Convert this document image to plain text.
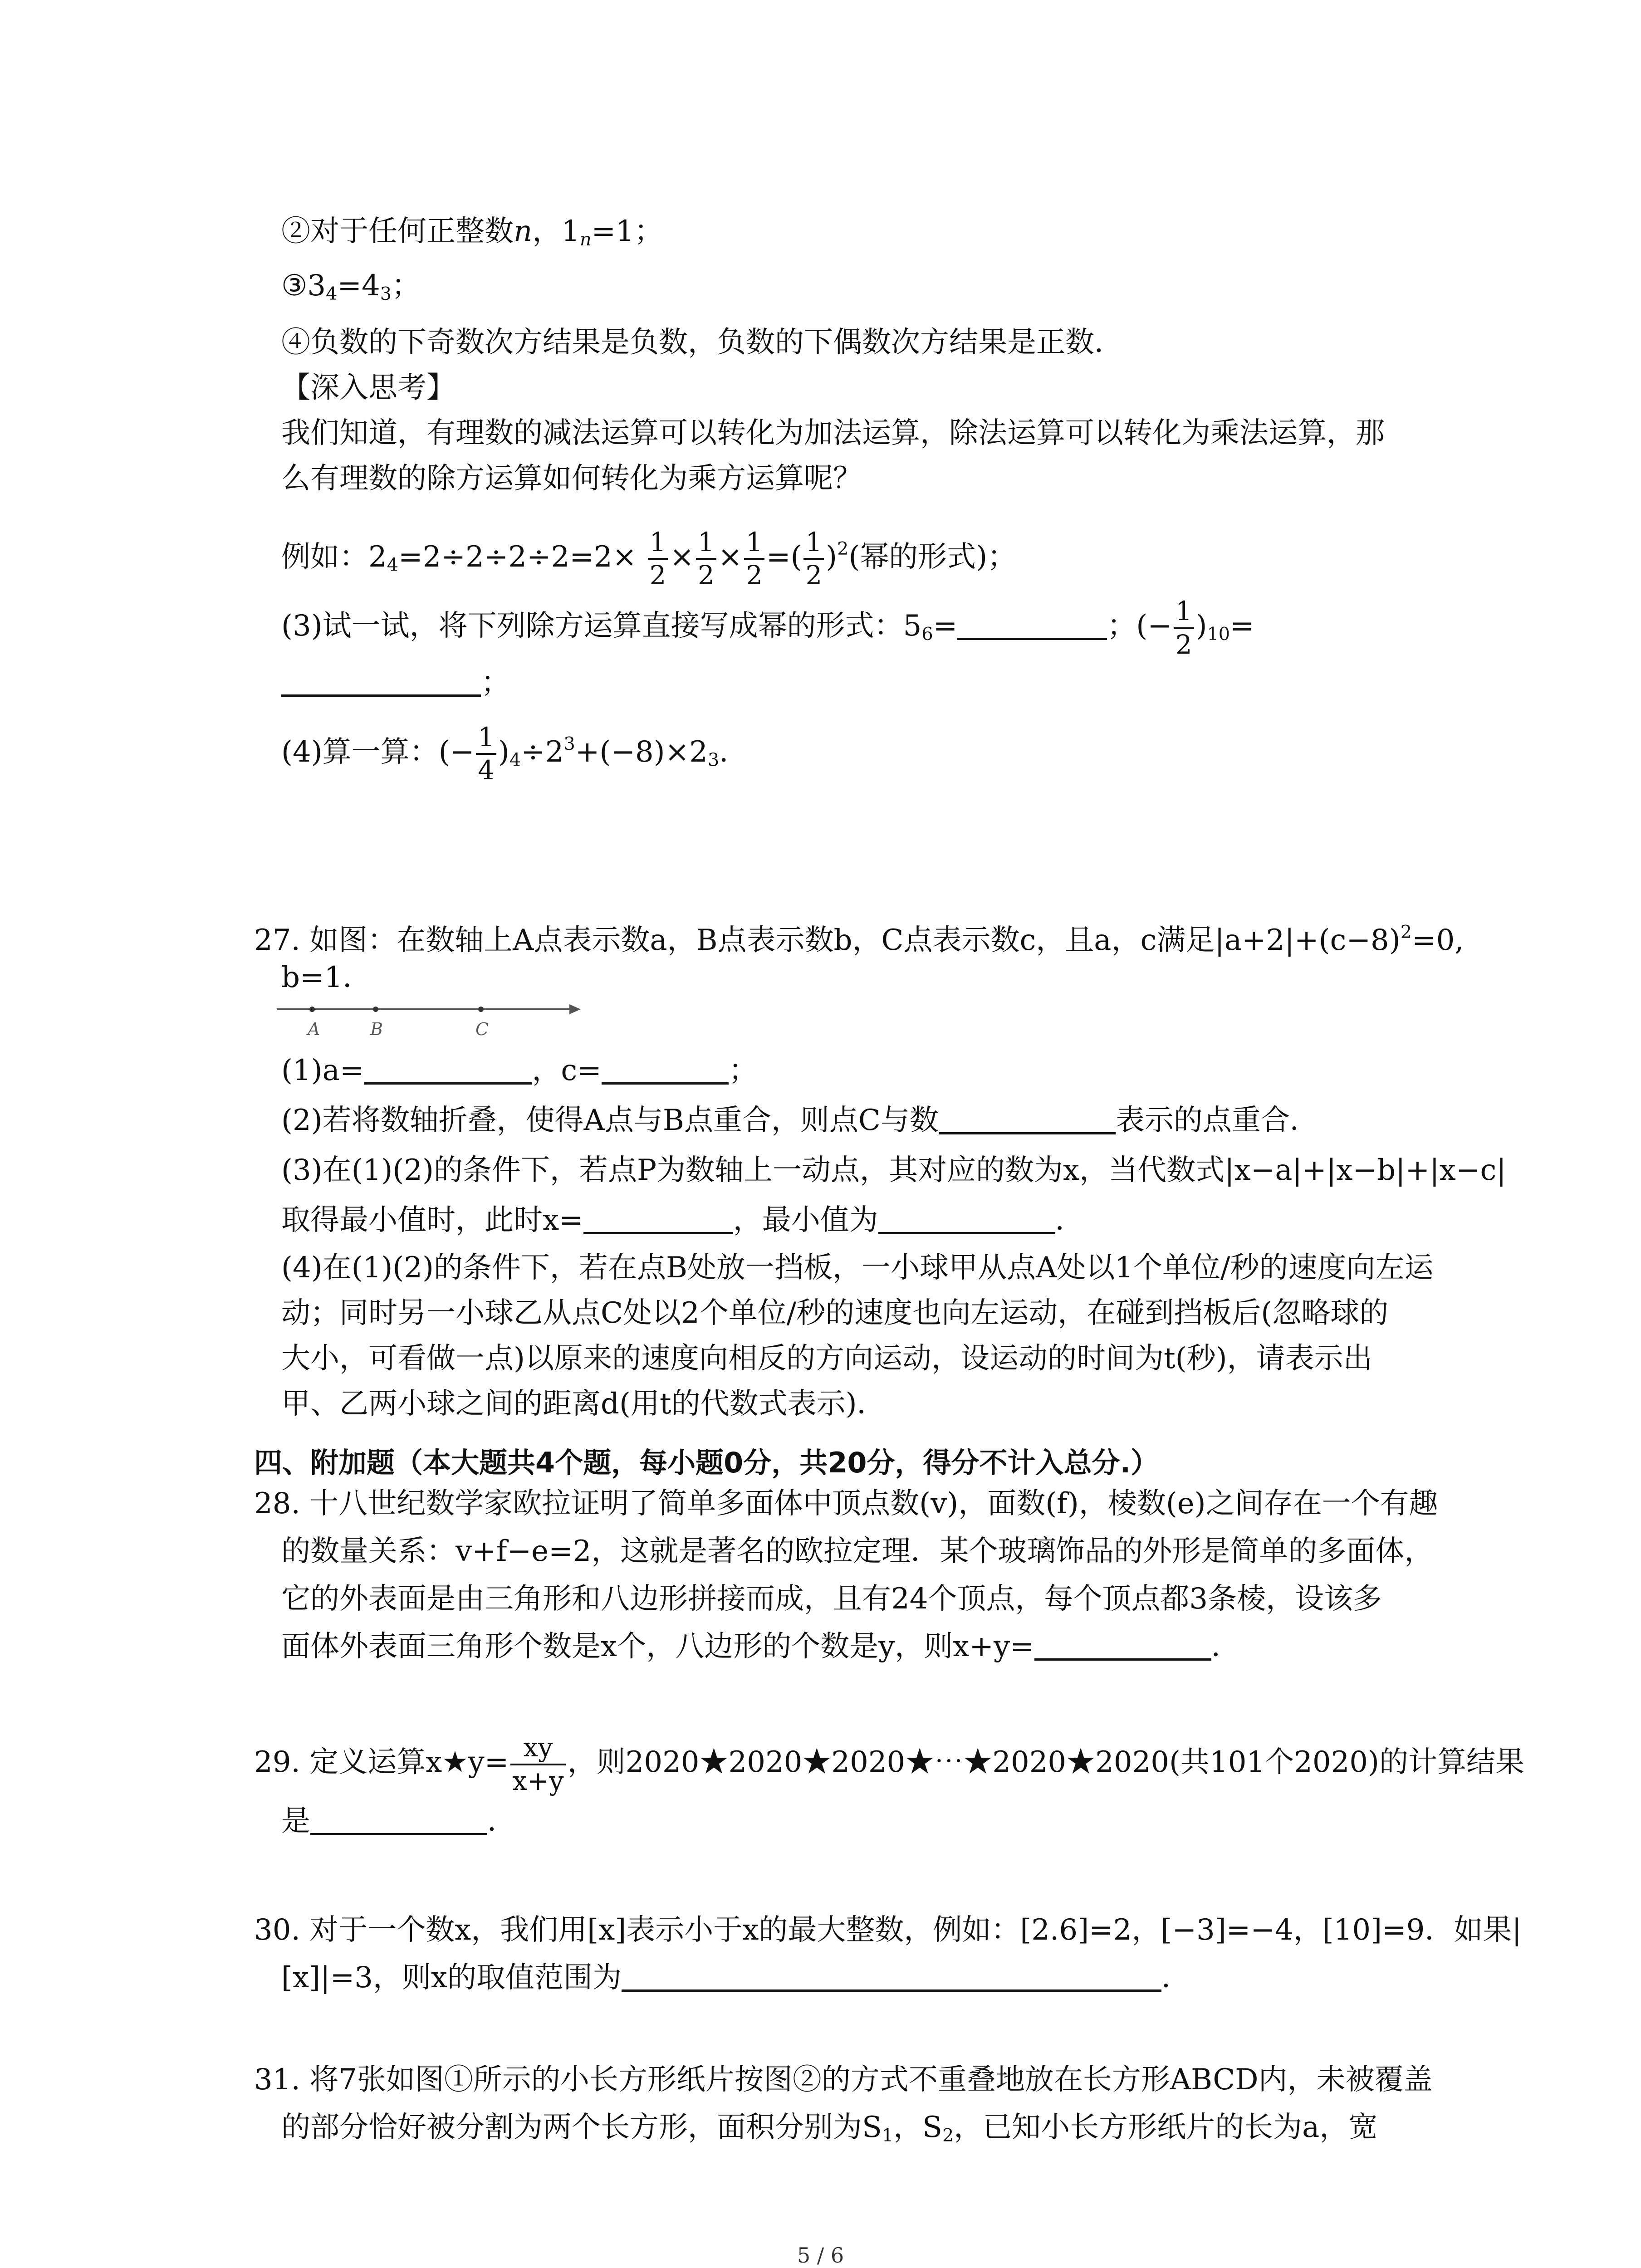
②对于任何正整数n，$1_n=1$；

$③3_4=4_3$；

④负数的下奇数次方结果是负数，负数的下偶数次方结果是正数．

【深入思考】

我们知道，有理数的减法运算可以转化为加法运算，除法运算可以转化为乘法运算，那

么有理数的除方运算如何转化为乘方运算呢？

例如：$2_4=2\div 2\div 2\div 2=2\times \frac{1}{2} \times \frac{1}{2} \times \frac{1}{2}$ =( $\frac{1}{2} )^2$(幂的形式)；

(3)试一试，将下列除方运算直接写成幂的形式：$5_6=$	；(− $\frac{1}{2} )_{10}=$

；

(4)算一算：(− $\frac{1}{4} )_4\div 2^3+(-8)\times 2_3$．

27. 如图：在数轴上A点表示数a，B点表示数b，C点表示数c，且a，c满足$|a+2|+(c-8)^2=0$,

b=1．

A	B	C

(1)a=	，c=	；

(2)若将数轴折叠，使得A点与B点重合，则点C与数	表示的点重合．

(3)在(1)(2)的条件下，若点P为数轴上一动点，其对应的数为x，当代数式|x−a|+|x−b|+|x−c|

取得最小值时，此时x=	，最小值为	．

(4)在(1)(2)的条件下，若在点B处放一挡板，一小球甲从点A处以1个单位/秒的速度向左运

动；同时另一小球乙从点C处以2个单位/秒的速度也向左运动，在碰到挡板后(忽略球的

大小，可看做一点)以原来的速度向相反的方向运动，设运动的时间为t(秒)，请表示出

甲、乙两小球之间的距离d(用t的代数式表示)．

四、附加题（本大题共4个题，每小题0分，共20分，得分不计入总分.）

28. 十八世纪数学家欧拉证明了简单多面体中顶点数(v)，面数(f)，棱数(e)之间存在一个有趣

的数量关系：v+f−e=2，这就是著名的欧拉定理．某个玻璃饰品的外形是简单的多面体，

它的外表面是由三角形和八边形拼接而成，且有24个顶点，每个顶点都3条棱，设该多

面体外表面三角形个数是x个，八边形的个数是y，则x+y=	．

29. 定义运算x★y= $\frac{xy}{x+y}$ ，则2020★2020★2020★⋯★2020★2020(共101个2020)的计算结果

是	．

30. 对于一个数x，我们用[x]表示小于x的最大整数，例如：[2.6]=2，[−3]=−4，[10]=9．如果|

[x]|=3，则x的取值范围为	．

31. 将7张如图①所示的小长方形纸片按图②的方式不重叠地放在长方形ABCD内，未被覆盖

的部分恰好被分割为两个长方形，面积分别为$S_1$，$S_2$，已知小长方形纸片的长为a，宽

5 / 6
